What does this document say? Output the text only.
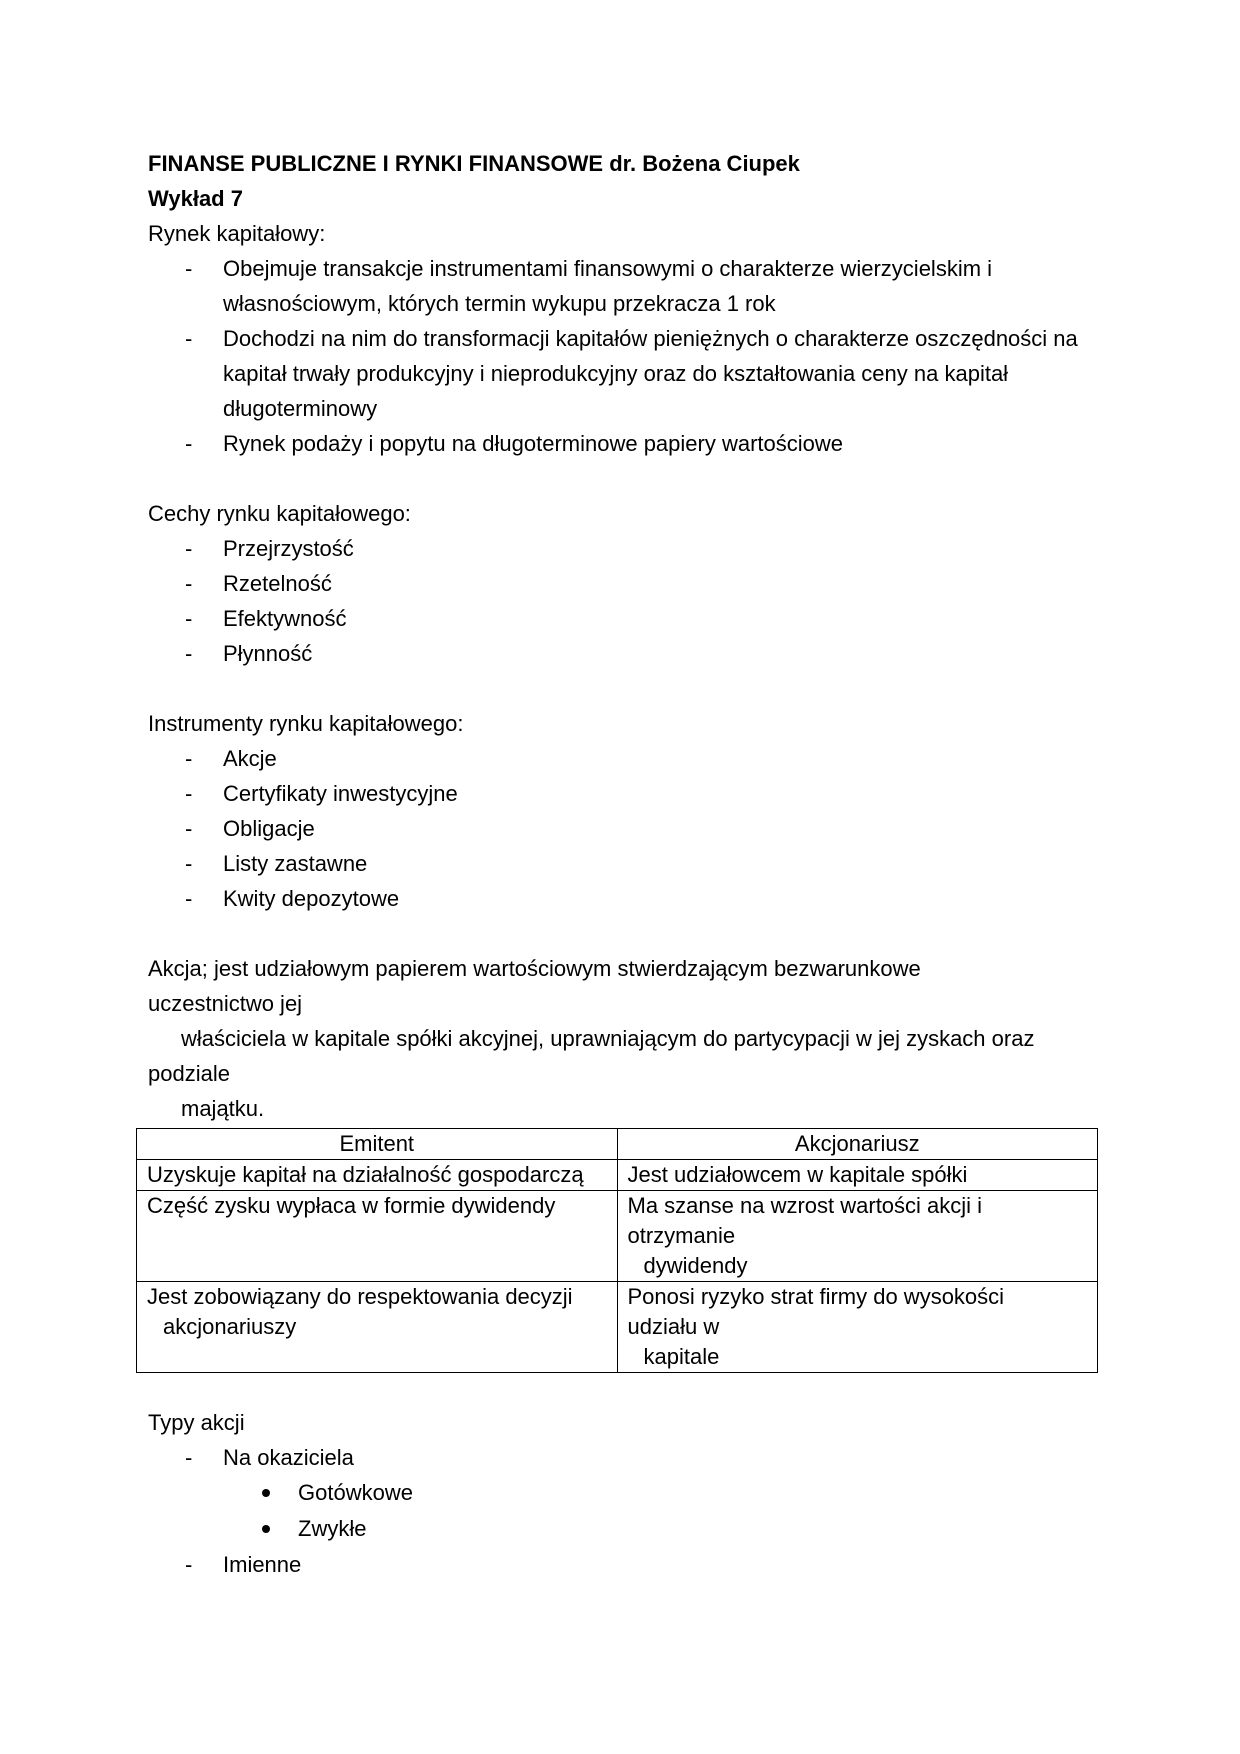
FINANSE PUBLICZNE I RYNKI FINANSOWE dr. Bożena Ciupek
Wykład 7
Rynek kapitałowy:
- Obejmuje transakcje instrumentami finansowymi o charakterze wierzycielskim i własnościowym, których termin wykupu przekracza 1 rok
- Dochodzi na nim do transformacji kapitałów pieniężnych o charakterze oszczędności na kapitał trwały produkcyjny i nieprodukcyjny oraz do kształtowania ceny na kapitał długoterminowy
- Rynek podaży i popytu na długoterminowe papiery wartościowe
Cechy rynku kapitałowego:
- Przejrzystość
- Rzetelność
- Efektywność
- Płynność
Instrumenty rynku kapitałowego:
- Akcje
- Certyfikaty inwestycyjne
- Obligacje
- Listy zastawne
- Kwity depozytowe
Akcja; jest udziałowym papierem wartościowym stwierdzającym bezwarunkowe
uczestnictwo jej
właściciela w kapitale spółki akcyjnej, uprawniającym do partycypacji w jej zyskach oraz
podziale
majątku.
Emitent	Akcjonariusz
Uzyskuje kapitał na działalność gospodarczą	Jest udziałowcem w kapitale spółki
Część zysku wypłaca w formie dywidendy	Ma szanse na wzrost wartości akcji i
otrzymanie
dywidendy

Jest zobowiązany do respektowania decyzji
akcjonariuszy	Ponosi ryzyko strat firmy do wysokości
udziału w
kapitale
Typy akcji
- Na okaziciela
Gotówkowe
Zwykłe
- Imienne
